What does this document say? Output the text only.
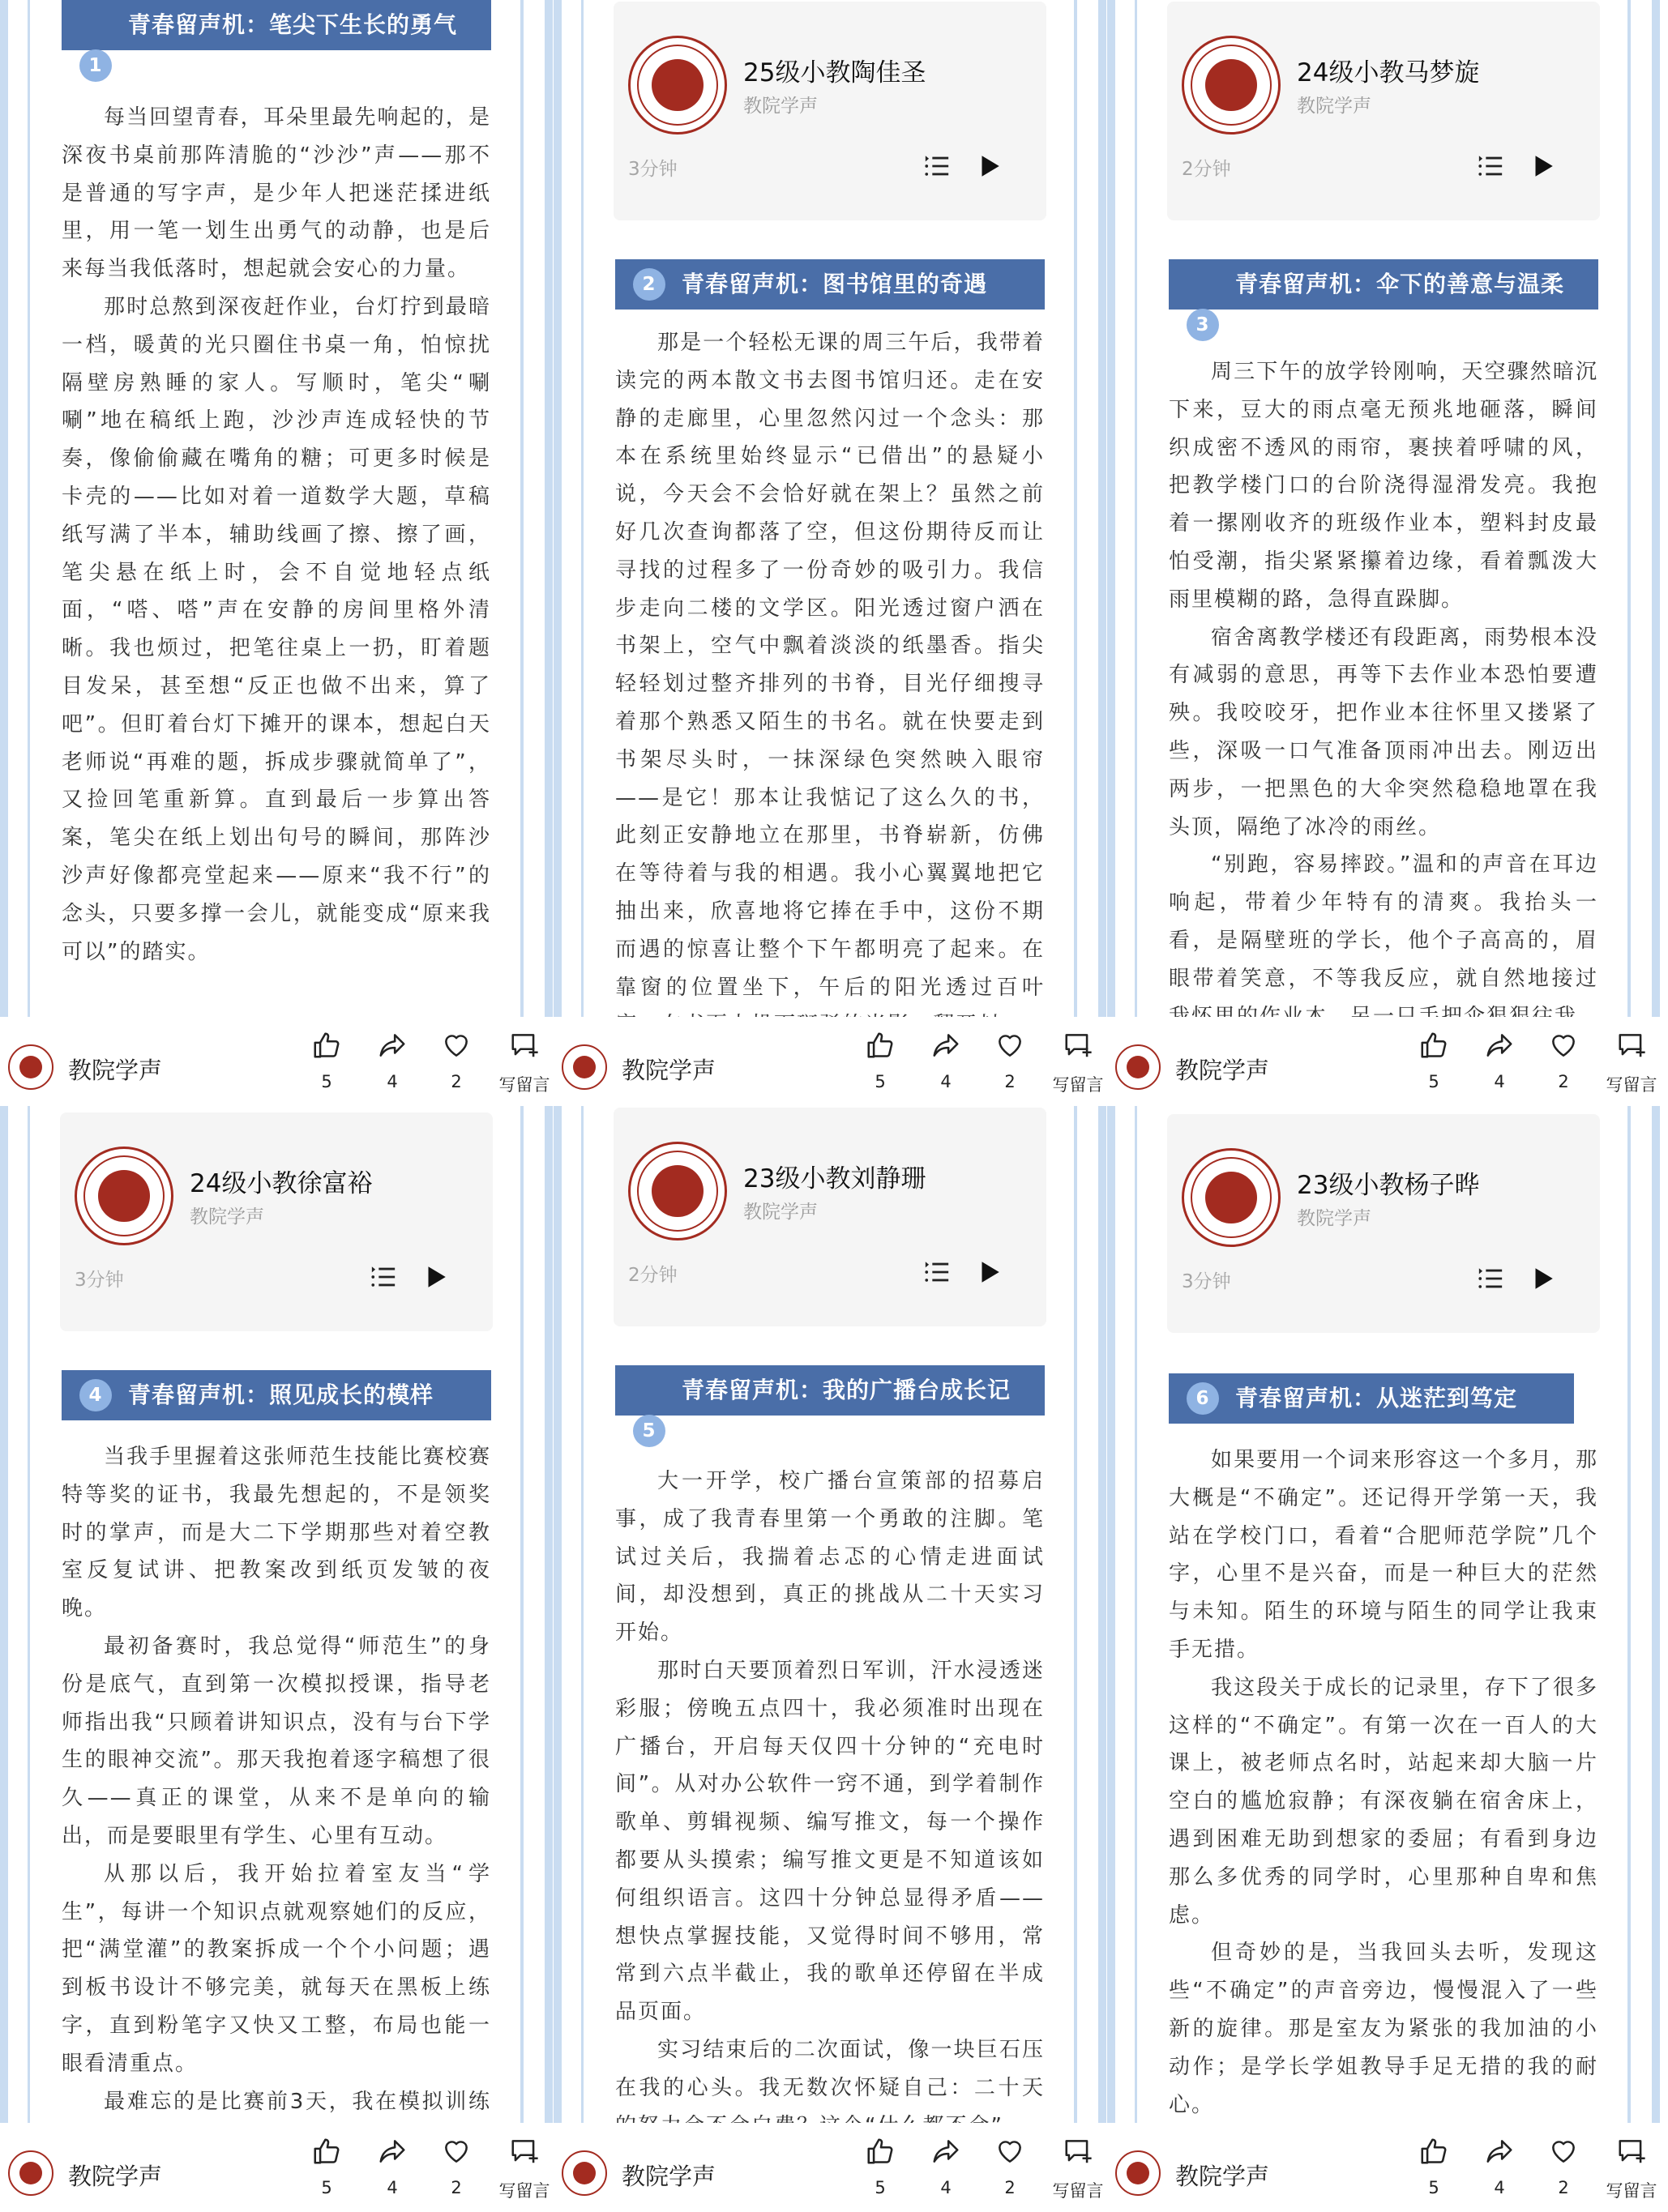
1
青春留声机：笔尖下生长的勇气

每当回望青春，耳朵里最先响起的，是深夜书桌前那阵清脆的“沙沙”声——那不是普通的写字声，是少年人把迷茫揉进纸里，用一笔一划生出勇气的动静，也是后来每当我低落时，想起就会安心的力量。

那时总熬到深夜赶作业，台灯拧到最暗一档，暖黄的光只圈住书桌一角，怕惊扰隔壁房熟睡的家人。写顺时，笔尖“唰唰”地在稿纸上跑，沙沙声连成轻快的节奏，像偷偷藏在嘴角的糖；可更多时候是卡壳的——比如对着一道数学大题，草稿纸写满了半本，辅助线画了擦、擦了画，笔尖悬在纸上时，会不自觉地轻点纸面，“嗒、嗒”声在安静的房间里格外清晰。我也烦过，把笔往桌上一扔，盯着题目发呆，甚至想“反正也做不出来，算了吧”。但盯着台灯下摊开的课本，想起白天老师说“再难的题，拆成步骤就简单了”，又捡回笔重新算。直到最后一步算出答案，笔尖在纸上划出句号的瞬间，那阵沙沙声好像都亮堂起来——原来“我不行”的念头，只要多撑一会儿，就能变成“原来我可以”的踏实。

教院学声	5	4	2	写留言
25级小教陶佳圣
教院学声
3分钟
2	青春留声机：图书馆里的奇遇

那是一个轻松无课的周三午后，我带着读完的两本散文书去图书馆归还。走在安静的走廊里，心里忽然闪过一个念头：那本在系统里始终显示“已借出”的悬疑小说，今天会不会恰好就在架上？虽然之前好几次查询都落了空，但这份期待反而让寻找的过程多了一份奇妙的吸引力。我信步走向二楼的文学区。阳光透过窗户洒在书架上，空气中飘着淡淡的纸墨香。指尖轻轻划过整齐排列的书脊，目光仔细搜寻着那个熟悉又陌生的书名。就在快要走到书架尽头时，一抹深绿色突然映入眼帘——是它！那本让我惦记了这么久的书，此刻正安静地立在那里，书脊崭新，仿佛在等待着与我的相遇。我小心翼翼地把它抽出来，欣喜地将它捧在手中，这份不期而遇的惊喜让整个下午都明亮了起来。在靠窗的位置坐下，午后的阳光透过百叶

教院学声	5	4	2	写留言
24级小教马梦旋
教院学声
2分钟
3
青春留声机：伞下的善意与温柔

周三下午的放学铃刚响，天空骤然暗沉下来，豆大的雨点毫无预兆地砸落，瞬间织成密不透风的雨帘，裹挟着呼啸的风，把教学楼门口的台阶浇得湿滑发亮。我抱着一摞刚收齐的班级作业本，塑料封皮最怕受潮，指尖紧紧攥着边缘，看着瓢泼大雨里模糊的路，急得直跺脚。

宿舍离教学楼还有段距离，雨势根本没有减弱的意思，再等下去作业本恐怕要遭殃。我咬咬牙，把作业本往怀里又搂紧了些，深吸一口气准备顶雨冲出去。刚迈出两步，一把黑色的大伞突然稳稳地罩在我头顶，隔绝了冰冷的雨丝。

“别跑，容易摔跤。”温和的声音在耳边响起，带着少年特有的清爽。我抬头一看，是隔壁班的学长，他个子高高的，眉眼带着笑意，不等我反应，就自然地接过

教院学声	5	4	2	写留言
24级小教徐富裕
教院学声
3分钟
4	青春留声机：照见成长的模样

当我手里握着这张师范生技能比赛校赛特等奖的证书，我最先想起的，不是领奖时的掌声，而是大二下学期那些对着空教室反复试讲、把教案改到纸页发皱的夜晚。

最初备赛时，我总觉得“师范生”的身份是底气，直到第一次模拟授课，指导老师指出我“只顾着讲知识点，没有与台下学生的眼神交流”。那天我抱着逐字稿想了很久——真正的课堂，从来不是单向的输出，而是要眼里有学生、心里有互动。

从那以后，我开始拉着室友当“学生”，每讲一个知识点就观察她们的反应，把“满堂灌”的教案拆成一个个小问题；遇到板书设计不够完美，就每天在黑板上练字，直到粉笔字又快又工整，布局也能一眼看清重点。

最难忘的是比赛前3天，我在模拟训练

教院学声	5	4	2	写留言
23级小教刘静珊
教院学声
2分钟
5
青春留声机：我的广播台成长记

大一开学，校广播台宣策部的招募启事，成了我青春里第一个勇敢的注脚。笔试过关后，我揣着忐忑的心情走进面试间，却没想到，真正的挑战从二十天实习开始。

那时白天要顶着烈日军训，汗水浸透迷彩服；傍晚五点四十，我必须准时出现在广播台，开启每天仅四十分钟的“充电时间”。从对办公软件一窍不通，到学着制作歌单、剪辑视频、编写推文，每一个操作都要从头摸索；编写推文更是不知道该如何组织语言。这四十分钟总显得矛盾——想快点掌握技能，又觉得时间不够用，常常到六点半截止，我的歌单还停留在半成品页面。

实习结束后的二次面试，像一块巨石压在我的心头。我无数次怀疑自己：二十天

教院学声	5	4	2	写留言
23级小教杨子晔
教院学声
3分钟
6	青春留声机：从迷茫到笃定

如果要用一个词来形容这一个多月，那大概是“不确定”。还记得开学第一天，我站在学校门口，看着“合肥师范学院”几个字，心里不是兴奋，而是一种巨大的茫然与未知。陌生的环境与陌生的同学让我束手无措。

我这段关于成长的记录里，存下了很多这样的“不确定”。有第一次在一百人的大课上，被老师点名时，站起来却大脑一片空白的尴尬寂静；有深夜躺在宿舍床上，遇到困难无助到想家的委屈；有看到身边那么多优秀的同学时，心里那种自卑和焦虑。

但奇妙的是，当我回头去听，发现这些“不确定”的声音旁边，慢慢混入了一些新的旋律。那是室友为紧张的我加油的小动作；是学长学姐教导手足无措的我的耐心。

教院学声	5	4	2	写留言
